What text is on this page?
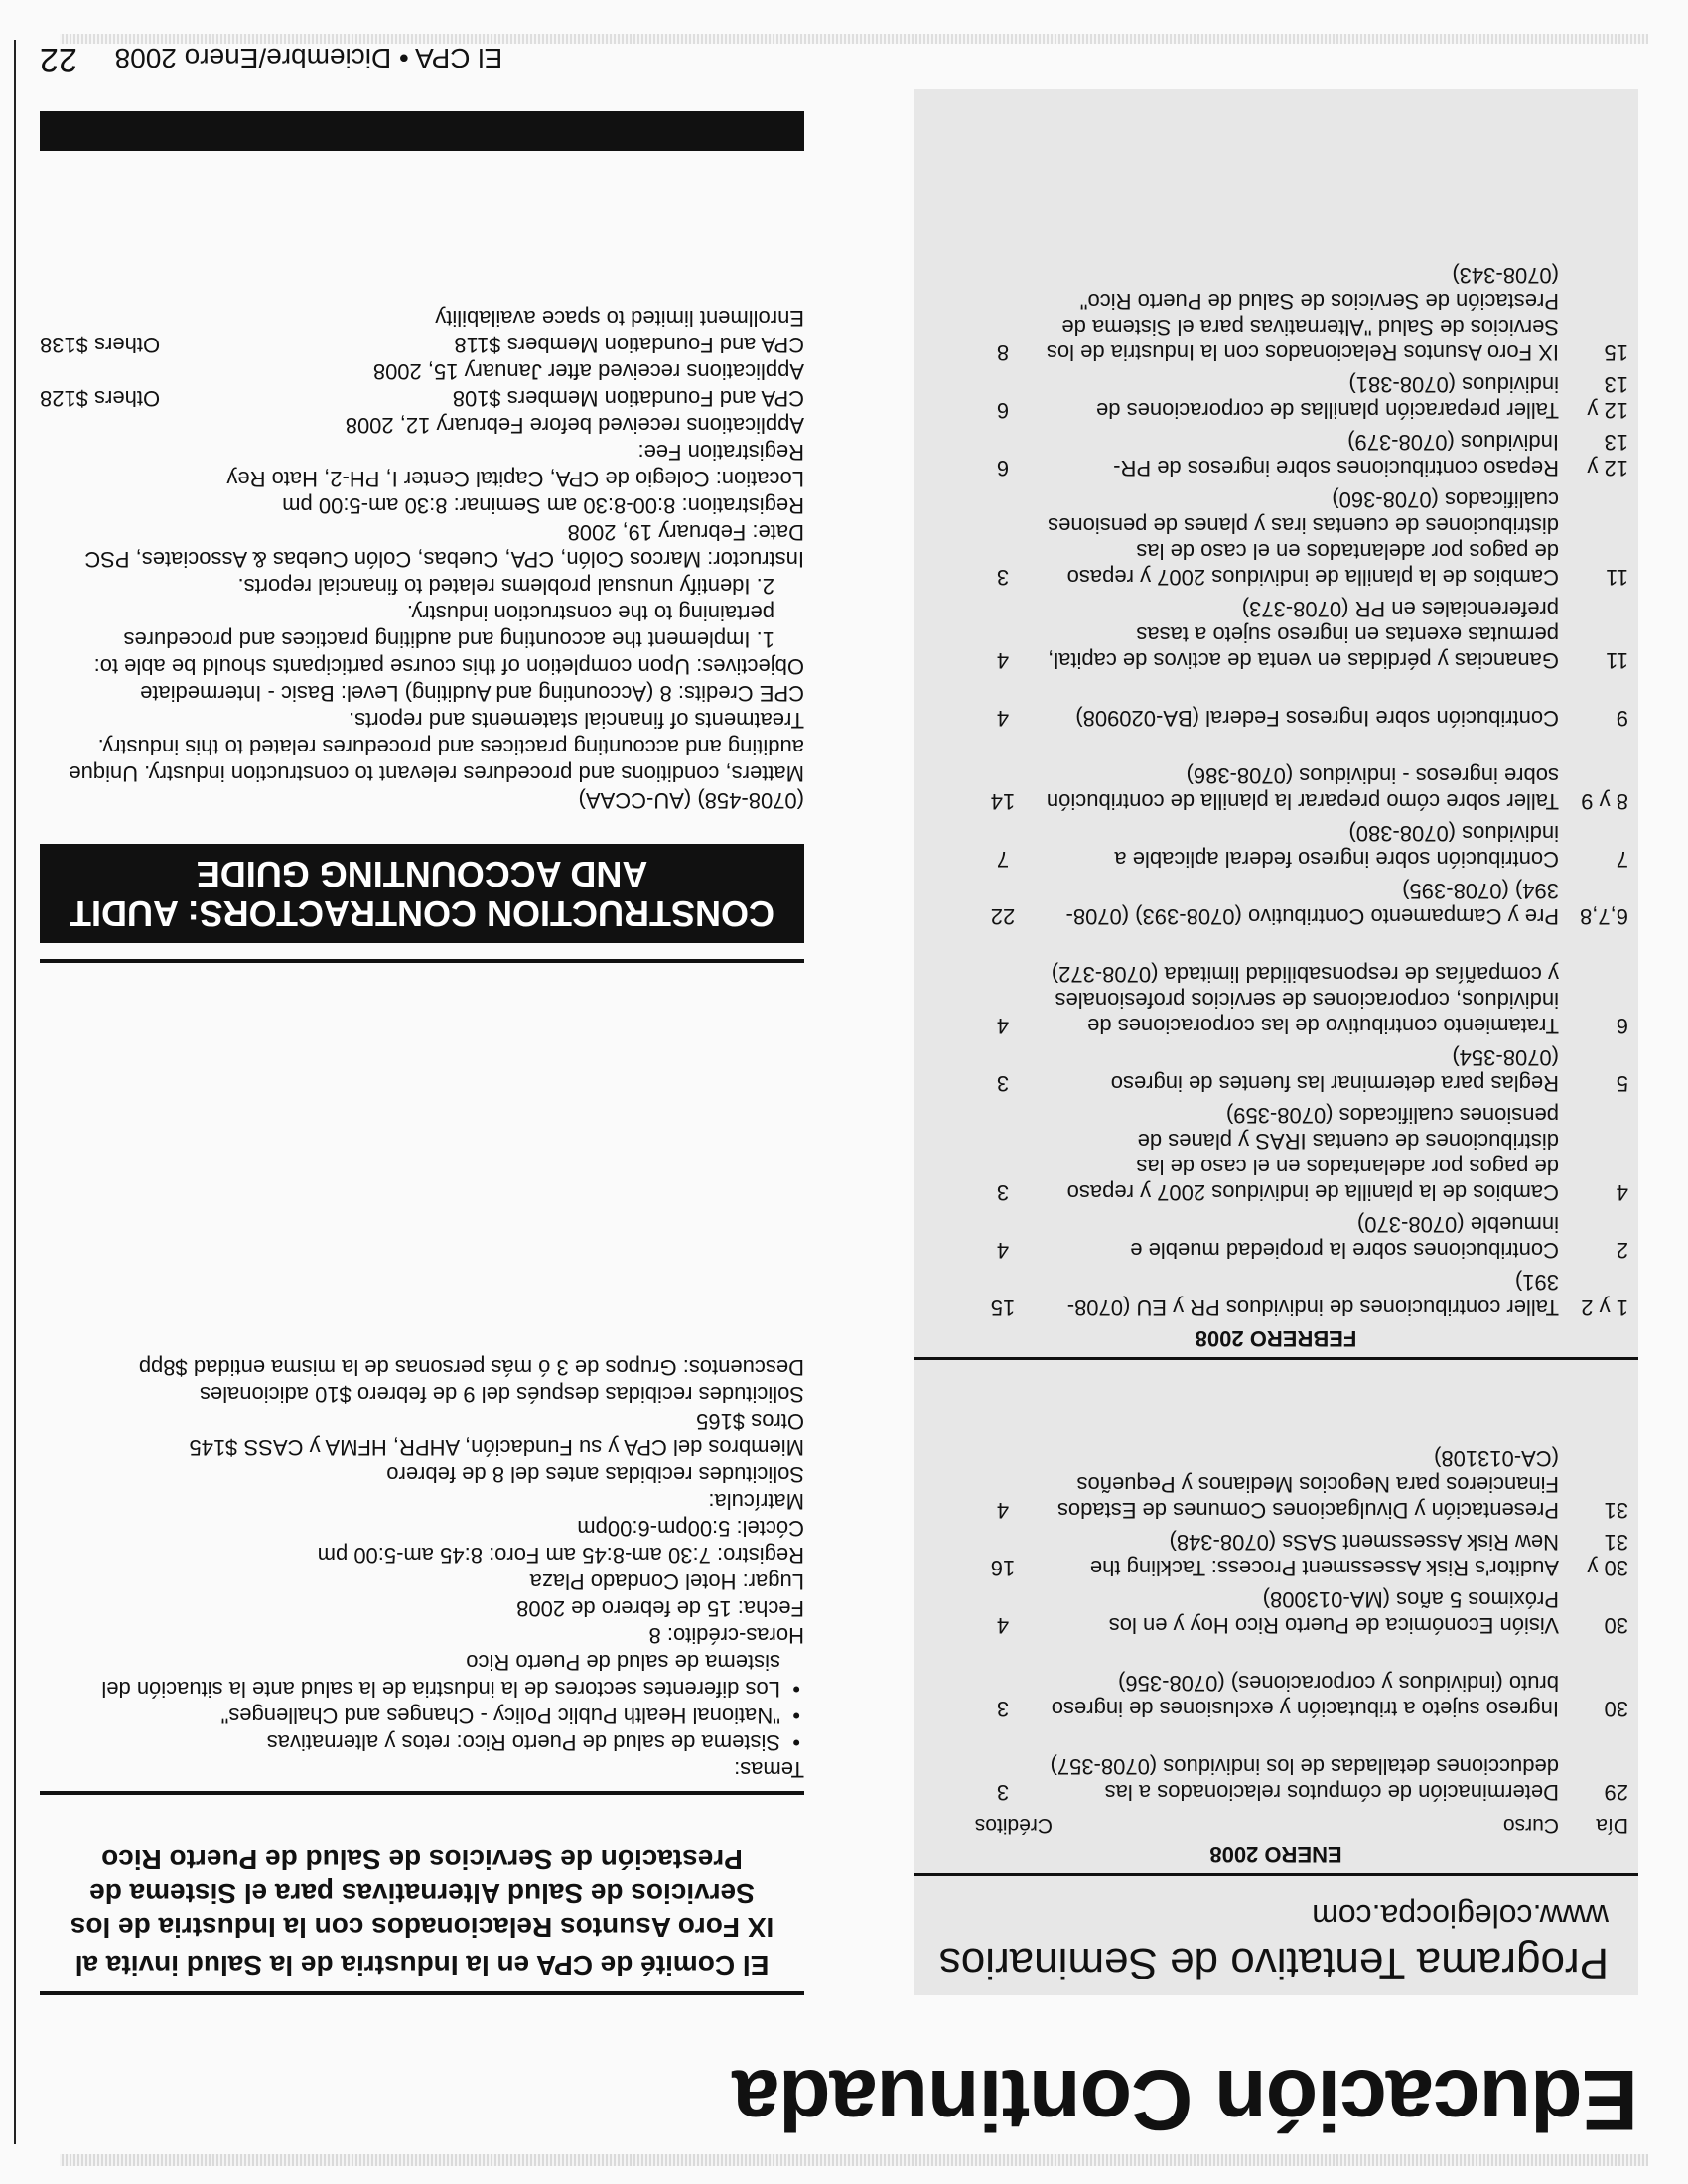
Educación Continuada
Programa Tentativo de Seminarios
www.colegiocpa.com
ENERO 2008
Día
Curso
Créditos
29
Determinación de cómputos relacionados a las deducciones detalladas de los individuos (0708-357)
3
30
Ingreso sujeto a tributación y exclusiones de ingreso bruto (individuos y corporaciones) (0708-356)
3
30
Visión Económica de Puerto Rico Hoy y en los Próximos 5 años (MA-013008)
4
30 y 31
Auditor's Risk Assessment Process: Tackling the New Risk Assessment SASs (0708-348)
16
31
Presentación y Divulgaciones Comunes de Estados Financieros para Negocios Medianos y Pequeños (CA-013108)
4
FEBRERO 2008
1 y 2
Taller contribuciones de individuos PR y EU (0708-391)
15
2
Contribuciones sobre la propiedad mueble e inmueble (0708-370)
4
4
Cambios de la planilla de individuos 2007 y repaso de pagos por adelantados en el caso de las distribuciones de cuentas IRAS y planes de pensiones cualificados (0708-359)
3
5
Reglas para determinar las fuentes de ingreso (0708-354)
3
6
Tratamiento contributivo de las corporaciones de individuos, corporaciones de servicios profesionales y compañías de responsabilidad limitada (0708-372)
4
6,7,8
Pre y Campamento Contributivo (0708-393) (0708-394) (0708-395)
22
7
Contribución sobre ingreso federal aplicable a individuos (0708-380)
7
8 y 9
Taller sobre cómo preparar la planilla de contribución sobre ingresos - individuos (0708-386)
14
9
Contribución sobre Ingresos Federal (BA-020908)
4
11
Ganancias y pérdidas en venta de activos de capital, permutas exentas en ingreso sujeto a tasas preferenciales en PR (0708-373)
4
11
Cambios de la planilla de individuos 2007 y repaso de pagos por adelantados en el caso de las distribuciones de cuentas iras y planes de pensiones cualificados (0708-360)
3
12 y 13
Repaso contribuciones sobre ingresos de PR-Individuos (0708-379)
6
12 y 13
Taller preparación planillas de corporaciones de individuos (0708-381)
6
15
IX Foro Asuntos Relacionados con la Industria de los Servicios de Salud "Alternativas para el Sistema de Prestación de Servicios de Salud de Puerto Rico" (0708-343)
8
El Comité de CPA en la Industria de la Salud invita al
IX Foro Asuntos Relacionados con la Industria de los Servicios de Salud Alternativas para el Sistema de Prestación de Servicios de Salud de Puerto Rico
Temas:
• Sistema de salud de Puerto Rico: retos y alternativas
• "National Health Public Policy - Changes and Challenges"
• Los diferentes sectores de la industria de la salud ante la situación del sistema de salud de Puerto Rico
Horas-crédito: 8
Fecha: 15 de febrero de 2008
Lugar: Hotel Condado Plaza
Registro: 7:30 am-8:45 am Foro: 8:45 am-5:00 pm
Cóctel: 5:00pm-6:00pm
Matrícula:
Solicitudes recibidas antes del 8 de febrero
Miembros del CPA y su Fundación, AHPR, HFMA y CASS $145
Otros $165
Solicitudes recibidas después del 9 de febrero $10 adicionales
Descuentos: Grupos de 3 ó más personas de la misma entidad $8pp
CONSTRUCTION CONTRACTORS: AUDIT AND ACCOUNTING GUIDE
(0708-458) (AU-CCAA)
Matters, conditions and procedures relevant to construction industry. Unique auditing and accounting practices and procedures related to this industry. Treatments of financial statements and reports.
CPE Credits: 8 (Accounting and Auditing) Level: Basic - Intermediate
Objectives: Upon completion of this course participants should be able to:
1. Implement the accounting and auditing practices and procedures pertaining to the construction industry.
2. Identify unusual problems related to financial reports.
Instructor: Marcos Colón, CPA, Cuebas, Colón Cuebas & Associates, PSC
Date: February 19, 2008
Registration: 8:00-8:30 am Seminar: 8:30 am-5:00 pm
Location: Colegio de CPA, Capital Center I, PH-2, Hato Rey
Registration Fee:
Applications received before February 12, 2008
CPA and Foundation Members $108
Others $128
Applications received after January 15, 2008
CPA and Foundation Members $118
Others $138
Enrollment limited to space availability
El CPA • Diciembre/Enero 2008 22
